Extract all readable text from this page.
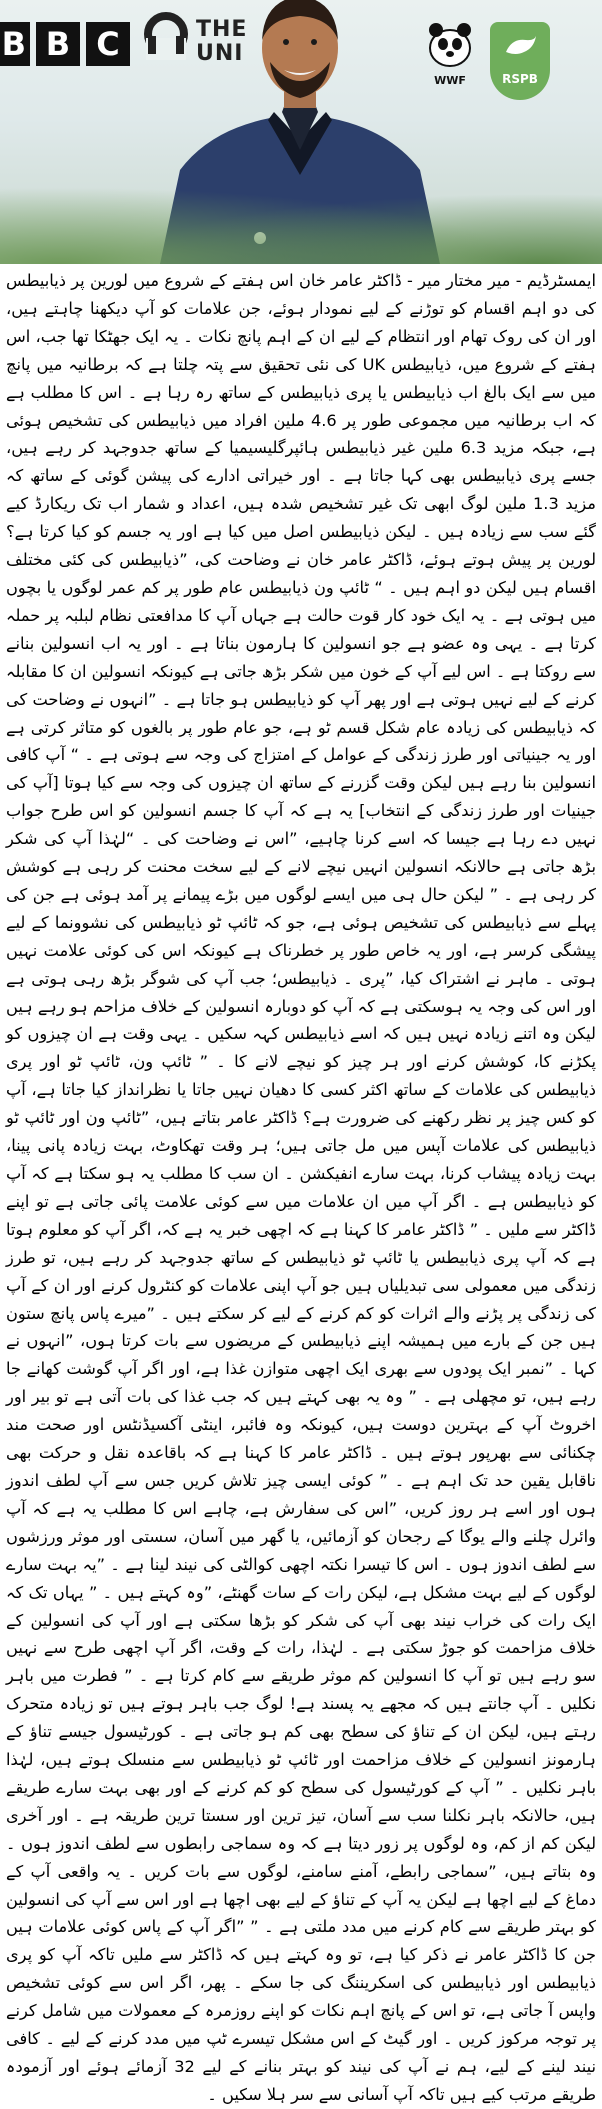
B B C	THE
UNI
WWF	RSPB

ایمسٹرڈیم - میر مختار میر - ڈاکٹر عامر خان اس ہفتے کے شروع میں لورین پر ذیابیطس کی دو اہم اقسام کو توڑنے کے لیے نمودار ہوئے، جن علامات کو آپ دیکھنا چاہتے ہیں، اور ان کی روک تھام اور انتظام کے لیے ان کے اہم پانچ نکات ۔ یہ ایک جھٹکا تھا جب، اس ہفتے کے شروع میں، ذیابیطس UK کی نئی تحقیق سے پتہ چلتا ہے کہ برطانیہ میں پانچ میں سے ایک بالغ اب ذیابیطس یا پری ذیابیطس کے ساتھ رہ رہا ہے ۔ اس کا مطلب ہے کہ اب برطانیہ میں مجموعی طور پر 4.6 ملین افراد میں ذیابیطس کی تشخیص ہوئی ہے، جبکہ مزید 6.3 ملین غیر ذیابیطس ہائپرگلیسیمیا کے ساتھ جدوجہد کر رہے ہیں، جسے پری ذیابیطس بھی کہا جاتا ہے ۔ اور خیراتی ادارے کی پیشن گوئی کے ساتھ کہ مزید 1.3 ملین لوگ ابھی تک غیر تشخیص شدہ ہیں، اعداد و شمار اب تک ریکارڈ کیے گئے سب سے زیادہ ہیں ۔ لیکن ذیابیطس اصل میں کیا ہے اور یہ جسم کو کیا کرتا ہے؟ لورین پر پیش ہوتے ہوئے، ڈاکٹر عامر خان نے وضاحت کی، ”ذیابیطس کی کئی مختلف اقسام ہیں لیکن دو اہم ہیں ۔ “ ٹائپ ون ذیابیطس عام طور پر کم عمر لوگوں یا بچوں میں ہوتی ہے ۔ یہ ایک خود کار قوت حالت ہے جہاں آپ کا مدافعتی نظام لبلبہ پر حملہ کرتا ہے ۔ یہی وہ عضو ہے جو انسولین کا ہارمون بناتا ہے ۔ اور یہ اب انسولین بنانے سے روکتا ہے ۔ اس لیے آپ کے خون میں شکر بڑھ جاتی ہے کیونکہ انسولین ان کا مقابلہ کرنے کے لیے نہیں ہوتی ہے اور پھر آپ کو ذیابیطس ہو جاتا ہے ۔ ”انہوں نے وضاحت کی کہ ذیابیطس کی زیادہ عام شکل قسم ٹو ہے، جو عام طور پر بالغوں کو متاثر کرتی ہے اور یہ جینیاتی اور طرز زندگی کے عوامل کے امتزاج کی وجہ سے ہوتی ہے ۔ “ آپ کافی انسولین بنا رہے ہیں لیکن وقت گزرنے کے ساتھ ان چیزوں کی وجہ سے کیا ہوتا [آپ کی جینیات اور طرز زندگی کے انتخاب] یہ ہے کہ آپ کا جسم انسولین کو اس طرح جواب نہیں دے رہا ہے جیسا کہ اسے کرنا چاہیے، ”اس نے وضاحت کی ۔ “لہٰذا آپ کی شکر بڑھ جاتی ہے حالانکہ انسولین انہیں نیچے لانے کے لیے سخت محنت کر رہی ہے کوشش کر رہی ہے ۔ ” لیکن حال ہی میں ایسے لوگوں میں بڑے پیمانے پر آمد ہوئی ہے جن کی پہلے سے ذیابیطس کی تشخیص ہوئی ہے، جو کہ ٹائپ ٹو ذیابیطس کی نشوونما کے لیے پیشگی کرسر ہے، اور یہ خاص طور پر خطرناک ہے کیونکہ اس کی کوئی علامت نہیں ہوتی ۔ ماہر نے اشتراک کیا، ”پری ۔ ذیابیطس؛ جب آپ کی شوگر بڑھ رہی ہوتی ہے اور اس کی وجہ یہ ہوسکتی ہے کہ آپ کو دوبارہ انسولین کے خلاف مزاحم ہو رہے ہیں لیکن وہ اتنے زیادہ نہیں ہیں کہ اسے ذیابیطس کہہ سکیں ۔ یہی وقت ہے ان چیزوں کو پکڑنے کا، کوشش کرنے اور ہر چیز کو نیچے لانے کا ۔ ” ٹائپ ون، ٹائپ ٹو اور پری ذیابیطس کی علامات کے ساتھ اکثر کسی کا دھیان نہیں جاتا یا نظرانداز کیا جاتا ہے، آپ کو کس چیز پر نظر رکھنے کی ضرورت ہے؟ ڈاکٹر عامر بتاتے ہیں، ”ٹائپ ون اور ٹائپ ٹو ذیابیطس کی علامات آپس میں مل جاتی ہیں؛ ہر وقت تھکاوٹ، بہت زیادہ پانی پینا، بہت زیادہ پیشاب کرنا، بہت سارے انفیکشن ۔ ان سب کا مطلب یہ ہو سکتا ہے کہ آپ کو ذیابیطس ہے ۔ اگر آپ میں ان علامات میں سے کوئی علامت پائی جاتی ہے تو اپنے ڈاکٹر سے ملیں ۔ ” ڈاکٹر عامر کا کہنا ہے کہ اچھی خبر یہ ہے کہ، اگر آپ کو معلوم ہوتا ہے کہ آپ پری ذیابیطس یا ٹائپ ٹو ذیابیطس کے ساتھ جدوجہد کر رہے ہیں، تو طرز زندگی میں معمولی سی تبدیلیاں ہیں جو آپ اپنی علامات کو کنٹرول کرنے اور ان کے آپ کی زندگی پر پڑنے والے اثرات کو کم کرنے کے لیے کر سکتے ہیں ۔ ”میرے پاس پانچ ستون ہیں جن کے بارے میں ہمیشہ اپنے ذیابیطس کے مریضوں سے بات کرتا ہوں، ”انہوں نے کہا ۔ ”نمبر ایک پودوں سے بھری ایک اچھی متوازن غذا ہے، اور اگر آپ گوشت کھانے جا رہے ہیں، تو مچھلی ہے ۔ ” وہ یہ بھی کہتے ہیں کہ جب غذا کی بات آتی ہے تو بیر اور اخروٹ آپ کے بہترین دوست ہیں، کیونکہ وہ فائبر، اینٹی آکسیڈنٹس اور صحت مند چکنائی سے بھرپور ہوتے ہیں ۔ ڈاکٹر عامر کا کہنا ہے کہ باقاعدہ نقل و حرکت بھی ناقابل یقین حد تک اہم ہے ۔ ” کوئی ایسی چیز تلاش کریں جس سے آپ لطف اندوز ہوں اور اسے ہر روز کریں، ”اس کی سفارش ہے، چاہے اس کا مطلب یہ ہے کہ آپ وائرل چلنے والے یوگا کے رجحان کو آزمائیں، یا گھر میں آسان، سستی اور موثر ورزشوں سے لطف اندوز ہوں ۔ اس کا تیسرا نکتہ اچھی کوالٹی کی نیند لینا ہے ۔ ”یہ بہت سارے لوگوں کے لیے بہت مشکل ہے، لیکن رات کے سات گھنٹے، ”وہ کہتے ہیں ۔ ” یہاں تک کہ ایک رات کی خراب نیند بھی آپ کی شکر کو بڑھا سکتی ہے اور آپ کی انسولین کے خلاف مزاحمت کو جوڑ سکتی ہے ۔ لہٰذا، رات کے وقت، اگر آپ اچھی طرح سے نہیں سو رہے ہیں تو آپ کا انسولین کم موثر طریقے سے کام کرتا ہے ۔ ” فطرت میں باہر نکلیں ۔ آپ جانتے ہیں کہ مجھے یہ پسند ہے! لوگ جب باہر ہوتے ہیں تو زیادہ متحرک رہتے ہیں، لیکن ان کے تناؤ کی سطح بھی کم ہو جاتی ہے ۔ کورٹیسول جیسے تناؤ کے ہارمونز انسولین کے خلاف مزاحمت اور ٹائپ ٹو ذیابیطس سے منسلک ہوتے ہیں، لہٰذا باہر نکلیں ۔ ” آپ کے کورٹیسول کی سطح کو کم کرنے کے اور بھی بہت سارے طریقے ہیں، حالانکہ باہر نکلنا سب سے آسان، تیز ترین اور سستا ترین طریقہ ہے ۔ اور آخری لیکن کم از کم، وہ لوگوں پر زور دیتا ہے کہ وہ سماجی رابطوں سے لطف اندوز ہوں ۔ وہ بتاتے ہیں، ”سماجی رابطے، آمنے سامنے، لوگوں سے بات کریں ۔ یہ واقعی آپ کے دماغ کے لیے اچھا ہے لیکن یہ آپ کے تناؤ کے لیے بھی اچھا ہے اور اس سے آپ کی انسولین کو بہتر طریقے سے کام کرنے میں مدد ملتی ہے ۔ ” ”اگر آپ کے پاس کوئی علامات ہیں جن کا ڈاکٹر عامر نے ذکر کیا ہے، تو وہ کہتے ہیں کہ ڈاکٹر سے ملیں تاکہ آپ کو پری ذیابیطس اور ذیابیطس کی اسکریننگ کی جا سکے ۔ پھر، اگر اس سے کوئی تشخیص واپس آ جاتی ہے، تو اس کے پانچ اہم نکات کو اپنے روزمرہ کے معمولات میں شامل کرنے پر توجہ مرکوز کریں ۔ اور گیٹ کے اس مشکل تیسرے ٹپ میں مدد کرنے کے لیے ۔ کافی نیند لینے کے لیے، ہم نے آپ کی نیند کو بہتر بنانے کے لیے 32 آزمائے ہوئے اور آزمودہ طریقے مرتب کیے ہیں تاکہ آپ آسانی سے سر ہلا سکیں ۔
